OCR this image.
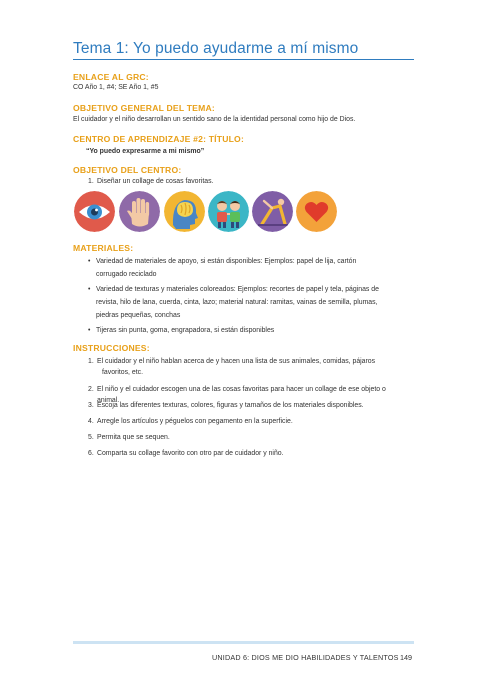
Tema 1: Yo puedo ayudarme a mí mismo
ENLACE AL GRC:
CO Año 1, #4; SE Año 1, #5
OBJETIVO GENERAL DEL TEMA:
El cuidador y el niño desarrollan un sentido sano de la identidad personal como hijo de Dios.
CENTRO DE APRENDIZAJE #2: TÍTULO:
“Yo puedo expresarme a mi mismo”
OBJETIVO DEL CENTRO:
1. Diseñar un collage de cosas favoritas.
MATERIALES:
• Variedad de materiales de apoyo, si están disponibles: Ejemplos: papel de lija, cartón
corrugado reciclado
• Variedad de texturas y materiales coloreados: Ejemplos: recortes de papel y tela, páginas de
revista, hilo de lana, cuerda, cinta, lazo; material natural: ramitas, vainas de semilla, plumas,
piedras pequeñas, conchas
• Tijeras sin punta, goma, engrapadora, si están disponibles
INSTRUCCIONES:
1. El cuidador y el niño hablan acerca de y hacen una lista de sus animales, comidas, pájaros
favoritos, etc.
2. El niño y el cuidador escogen una de las cosas favoritas para hacer un collage de ese objeto o animal.
3. Escoja las diferentes texturas, colores, figuras y tamaños de los materiales disponibles.
4. Arregle los artículos y péguelos con pegamento en la superficie.
5. Permita que se sequen.
6. Comparta su collage favorito con otro par de cuidador y niño.
UNIDAD 6: DIOS ME DIO HABILIDADES Y TALENTOS 149
